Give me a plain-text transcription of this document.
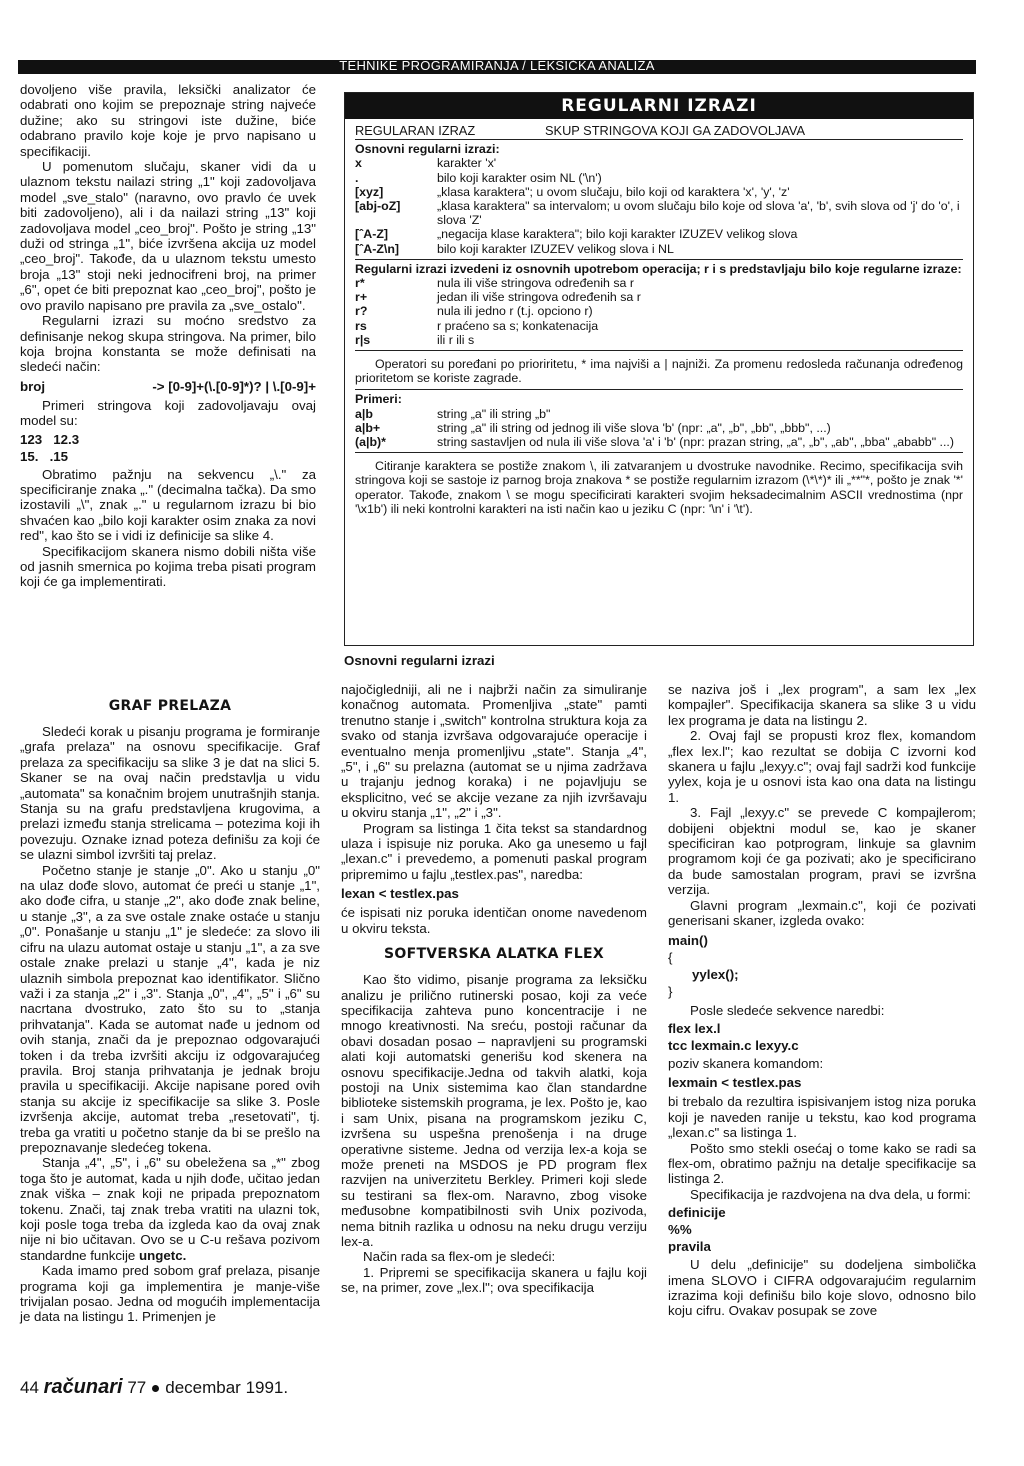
TEHNIKE PROGRAMIRANJA / LEKSIČKA ANALIZA

dovoljeno više pravila, leksički analizator će odabrati ono kojim se prepoznaje string najveće dužine; ako su stringovi iste dužine, biće odabrano pravilo koje koje je prvo napisano u specifikaciji.

U pomenutom slučaju, skaner vidi da u ulaznom tekstu nailazi string „1" koji zadovoljava model „sve_stalo" (naravno, ovo pravlo će uvek biti zadovoljeno), ali i da nailazi string „13" koji zadovoljava model „ceo_broj". Pošto je string „13" duži od stringa „1", biće izvršena akcija uz model „ceo_broj". Takođe, da u ulaznom tekstu umesto broja „13" stoji neki jednocifreni broj, na primer „6", opet će biti prepoznat kao „ceo_broj", pošto je ovo pravilo napisano pre pravila za „sve_ostalo".

Regularni izrazi su moćno sredstvo za definisanje nekog skupa stringova. Na primer, bilo koja brojna konstanta se može definisati na sledeći način:

broj	-> [0-9]+(\.[0-9]*)? | \.[0-9]+

Primeri stringova koji zadovoljavaju ovaj model su:

123   12.3
15.   .15

Obratimo pažnju na sekvencu „\." za specificiranje znaka „." (decimalna tačka). Da smo izostavili „\", znak „." u regularnom izrazu bi bio shvaćen kao „bilo koji karakter osim znaka za novi red", kao što se i vidi iz definicije sa slike 4.

Specifikacijom skanera nismo dobili ništa više od jasnih smernica po kojima treba pisati program koji će ga implementirati.

GRAF PRELAZA

Sledeći korak u pisanju programa je formiranje „grafa prelaza" na osnovu specifikacije. Graf prelaza za specifikaciju sa slike 3 je dat na slici 5. Skaner se na ovaj način predstavlja u vidu „automata" sa konačnim brojem unutrašnjih stanja. Stanja su na grafu predstavljena krugovima, a prelazi između stanja strelicama – potezima koji ih povezuju. Oznake iznad poteza definišu za koji će se ulazni simbol izvršiti taj prelaz.

Početno stanje je stanje „0". Ako u stanju „0" na ulaz dođe slovo, automat će preći u stanje „1", ako dođe cifra, u stanje „2", ako dođe znak beline, u stanje „3", a za sve ostale znake ostaće u stanju „0". Ponašanje u stanju „1" je sledeće: za slovo ili cifru na ulazu automat ostaje u stanju „1", a za sve ostale znake prelazi u stanje „4", kada je niz ulaznih simbola prepoznat kao identifikator. Slično važi i za stanja „2" i „3". Stanja „0", „4", „5" i „6" su nacrtana dvostruko, zato što su to „stanja prihvatanja". Kada se automat nađe u jednom od ovih stanja, znači da je prepoznao odgovarajući token i da treba izvršiti akciju iz odgovarajućeg pravila. Broj stanja prihvatanja je jednak broju pravila u specifikaciji. Akcije napisane pored ovih stanja su akcije iz specifikacije sa slike 3. Posle izvršenja akcije, automat treba „resetovati", tj. treba ga vratiti u početno stanje da bi se prešlo na prepoznavanje sledećeg tokena.

Stanja „4", „5", i „6" su obeležena sa „*" zbog toga što je automat, kada u njih dođe, učitao jedan znak viška – znak koji ne pripada prepoznatom tokenu. Znači, taj znak treba vratiti na ulazni tok, koji posle toga treba da izgleda kao da ovaj znak nije ni bio učitavan. Ovo se u C-u rešava pozivom standardne funkcije ungetc.

Kada imamo pred sobom graf prelaza, pisanje programa koji ga implementira je manje-više trivijalan posao. Jedna od mogućih implementacija je data na listingu 1. Primenjen je

REGULARNI IZRAZI
REGULARAN IZRAZ	SKUP STRINGOVA KOJI GA ZADOVOLJAVA
Osnovni regularni izrazi:
x	karakter 'x'
.	bilo koji karakter osim NL ('\n')
[xyz]	„klasa karaktera"; u ovom slučaju, bilo koji od karaktera 'x', 'y', 'z'
[abj-oZ]	„klasa karaktera" sa intervalom; u ovom slučaju bilo koje od slova 'a', 'b', svih slova od 'j' do 'o', i slova 'Z'
[ˆA-Z]	„negacija klase karaktera"; bilo koji karakter IZUZEV velikog slova
[ˆA-Z\n]	bilo koji karakter IZUZEV velikog slova i NL
Regularni izrazi izvedeni iz osnovnih upotrebom operacija; r i s predstavljaju bilo koje regularne izraze:
r*	nula ili više stringova određenih sa r
r+	jedan ili više stringova određenih sa r
r?	nula ili jedno r (t.j. opciono r)
rs	r praćeno sa s; konkatenacija
r|s	ili r ili s
Operatori su poređani po prioriritetu, * ima najviši a | najniži. Za promenu redosleda računanja određenog prioritetom se koriste zagrade.
Primeri:
a|b	string „a" ili string „b"
a|b+	string „a" ili string od jednog ili više slova 'b' (npr: „a", „b", „bb", „bbb", ...)
(a|b)*	string sastavljen od nula ili više slova 'a' i 'b' (npr: prazan string, „a", „b", „ab", „bba" „ababb" ...)
Citiranje karaktera se postiže znakom \, ili zatvaranjem u dvostruke navodnike. Recimo, specifikacija svih stringova koji se sastoje iz parnog broja znakova * se postiže regularnim izrazom (\*\*)* ili „**"*, pošto je znak '*' operator. Takođe, znakom \ se mogu specificirati karakteri svojim heksadecimalnim ASCII vrednostima (npr '\x1b') ili neki kontrolni karakteri na isti način kao u jeziku C (npr: '\n' i '\t').
Osnovni regularni izrazi

najočigledniji, ali ne i najbrži način za simuliranje konačnog automata. Promenljiva „state" pamti trenutno stanje i „switch" kontrolna struktura koja za svako od stanja izvršava odgovarajuće operacije i eventualno menja promenljivu „state". Stanja „4", „5", i „6" su prelazna (automat se u njima zadržava u trajanju jednog koraka) i ne pojavljuju se eksplicitno, već se akcije vezane za njih izvršavaju u okviru stanja „1", „2" i „3".

Program sa listinga 1 čita tekst sa standardnog ulaza i ispisuje niz poruka. Ako ga unesemo u fajl „lexan.c" i prevedemo, a pomenuti paskal program pripremimo u fajlu „testlex.pas", naredba:

lexan < testlex.pas

će ispisati niz poruka identičan onome navedenom u okviru teksta.

SOFTVERSKA ALATKA FLEX

Kao što vidimo, pisanje programa za leksičku analizu je prilično rutinerski posao, koji za veće specifikacija zahteva puno koncentracije i ne mnogo kreativnosti. Na sreću, postoji računar da obavi dosadan posao – napravljeni su programski alati koji automatski generišu kod skenera na osnovu specifikacije.Jedna od takvih alatki, koja postoji na Unix sistemima kao član standardne biblioteke sistemskih programa, je lex. Pošto je, kao i sam Unix, pisana na programskom jeziku C, izvršena su uspešna prenošenja i na druge operativne sisteme. Jedna od verzija lex-a koja se može preneti na MSDOS je PD program flex razvijen na univerzitetu Berkley. Primeri koji slede su testirani sa flex-om. Naravno, zbog visoke međusobne kompatibilnosti svih Unix pozivoda, nema bitnih razlika u odnosu na neku drugu verziju lex-a.

Način rada sa flex-om je sledeći:

1. Pripremi se specifikacija skanera u fajlu koji se, na primer, zove „lex.l"; ova specifikacija

se naziva još i „lex program", a sam lex „lex kompajler". Specifikacija skanera sa slike 3 u vidu lex programa je data na listingu 2.

2. Ovaj fajl se propusti kroz flex, komandom „flex lex.l"; kao rezultat se dobija C izvorni kod skanera u fajlu „lexyy.c"; ovaj fajl sadrži kod funkcije yylex, koja je u osnovi ista kao ona data na listingu 1.

3. Fajl „lexyy.c" se prevede C kompajlerom; dobijeni objektni modul se, kao je skaner specificiran kao potprogram, linkuje sa glavnim programom koji će ga pozivati; ako je specificirano da bude samostalan program, pravi se izvršna verzija.

Glavni program „lexmain.c", koji će pozivati generisani skaner, izgleda ovako:

main()
{
yylex();
}

Posle sledeće sekvence naredbi:

flex lex.l
tcc lexmain.c lexyy.c

poziv skanera komandom:

lexmain < testlex.pas

bi trebalo da rezultira ispisivanjem istog niza poruka koji je naveden ranije u tekstu, kao kod programa „lexan.c" sa listinga 1.

Pošto smo stekli osećaj o tome kako se radi sa flex-om, obratimo pažnju na detalje specifikacije sa listinga 2.

Specifikacija je razdvojena na dva dela, u formi:

definicije
%%
pravila

U delu „definicije" su dodeljena simbolička imena SLOVO i CIFRA odgovarajućim regularnim izrazima koji definišu bilo koje slovo, odnosno bilo koju cifru. Ovakav posupak se zove

44 računari 77 decembar 1991.
